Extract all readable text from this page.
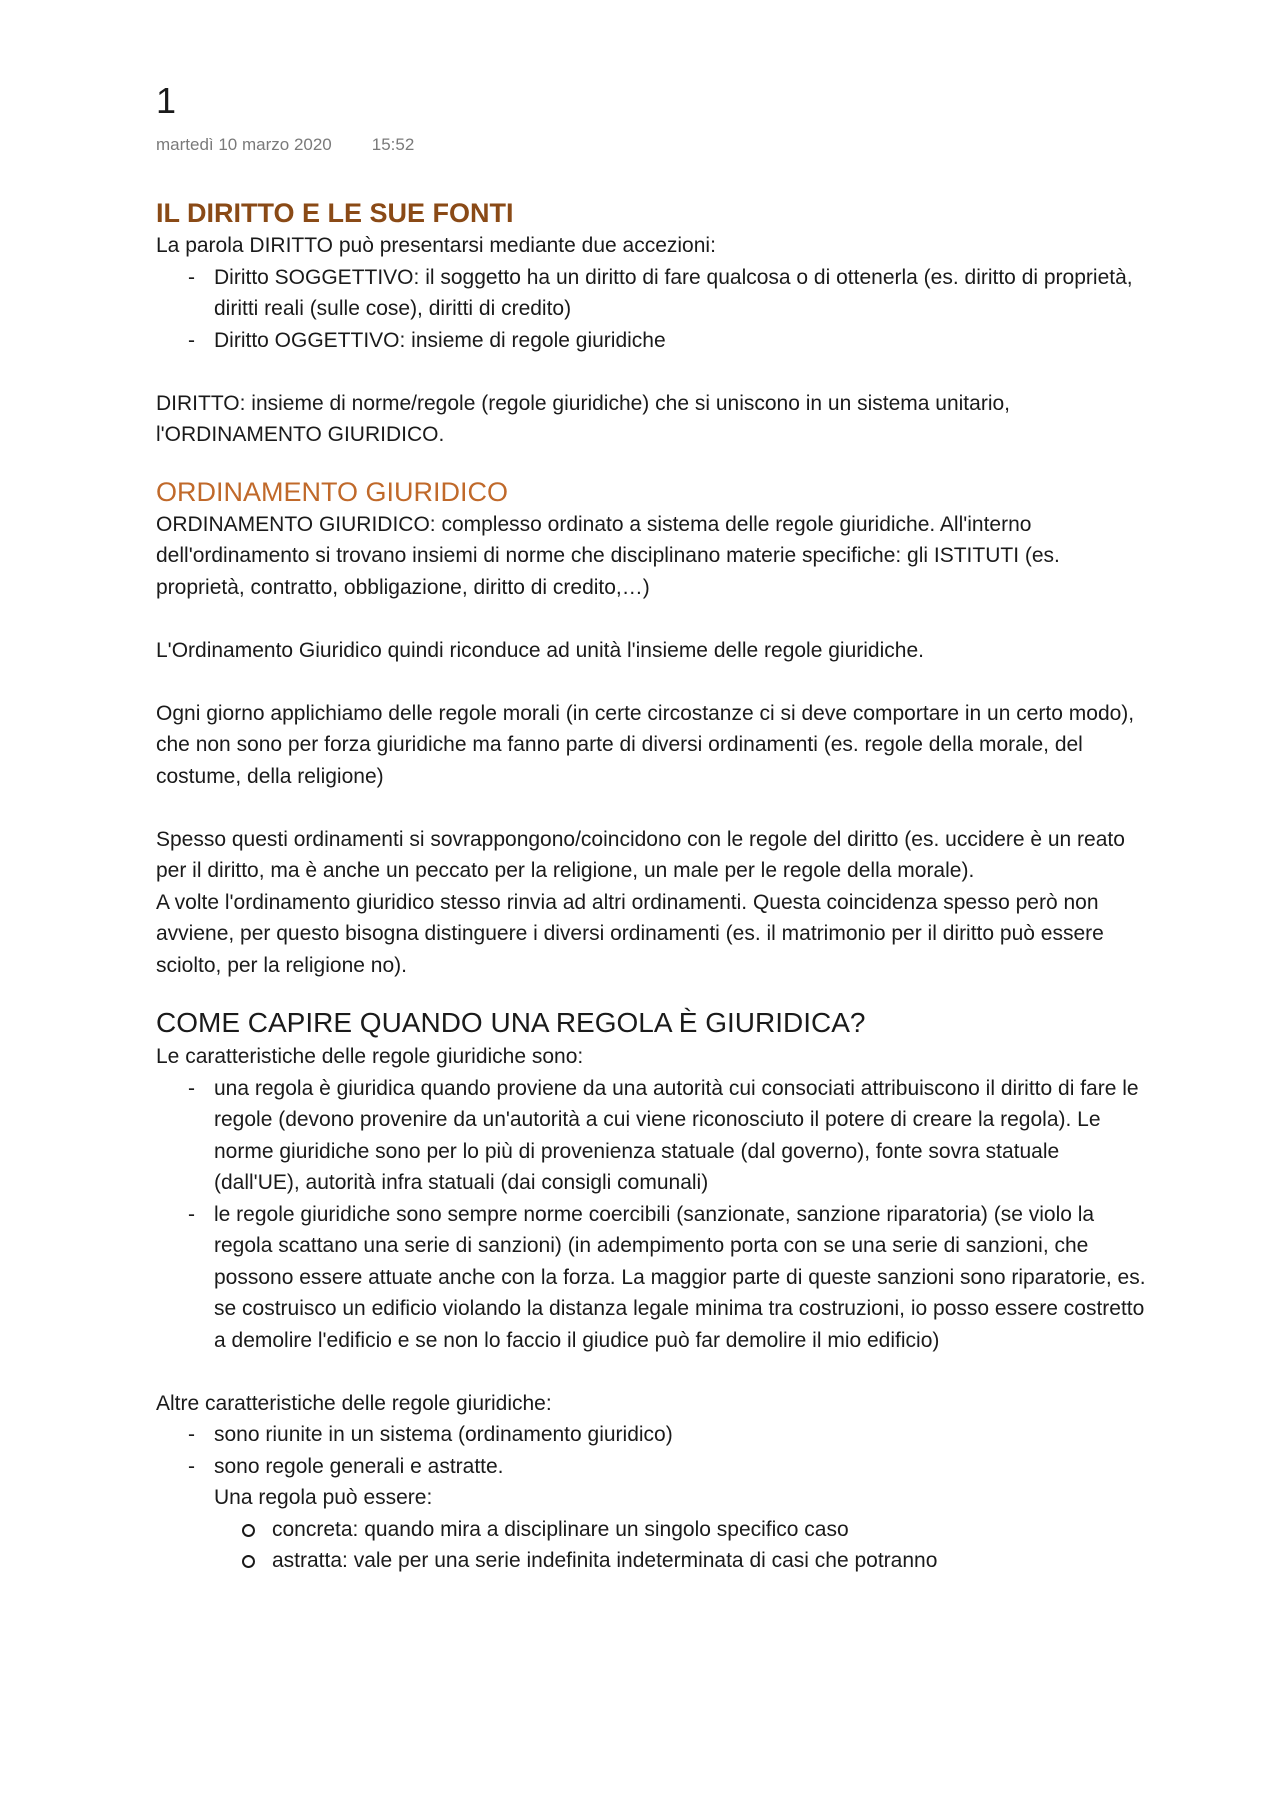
1
martedì 10 marzo 2020 15:52
IL DIRITTO E LE SUE FONTI

La parola DIRITTO può presentarsi mediante due accezioni:

- Diritto SOGGETTIVO: il soggetto ha un diritto di fare qualcosa o di ottenerla (es. diritto di proprietà, diritti reali (sulle cose), diritti di credito)
- Diritto OGGETTIVO: insieme di regole giuridiche

DIRITTO: insieme di norme/regole (regole giuridiche) che si uniscono in un sistema unitario, l'ORDINAMENTO GIURIDICO.

ORDINAMENTO GIURIDICO

ORDINAMENTO GIURIDICO: complesso ordinato a sistema delle regole giuridiche. All'interno dell'ordinamento si trovano insiemi di norme che disciplinano materie specifiche: gli ISTITUTI (es. proprietà, contratto, obbligazione, diritto di credito,…)

L'Ordinamento Giuridico quindi riconduce ad unità l'insieme delle regole giuridiche.

Ogni giorno applichiamo delle regole morali (in certe circostanze ci si deve comportare in un certo modo), che non sono per forza giuridiche ma fanno parte di diversi ordinamenti (es. regole della morale, del costume, della religione)

Spesso questi ordinamenti si sovrappongono/coincidono con le regole del diritto (es. uccidere è un reato per il diritto, ma è anche un peccato per la religione, un male per le regole della morale).

A volte l'ordinamento giuridico stesso rinvia ad altri ordinamenti. Questa coincidenza spesso però non avviene, per questo bisogna distinguere i diversi ordinamenti (es. il matrimonio per il diritto può essere sciolto, per la religione no).

COME CAPIRE QUANDO UNA REGOLA È GIURIDICA?

Le caratteristiche delle regole giuridiche sono:

- una regola è giuridica quando proviene da una autorità cui consociati attribuiscono il diritto di fare le regole (devono provenire da un'autorità a cui viene riconosciuto il potere di creare la regola). Le norme giuridiche sono per lo più di provenienza statuale (dal governo), fonte sovra statuale (dall'UE), autorità infra statuali (dai consigli comunali)
- le regole giuridiche sono sempre norme coercibili (sanzionate, sanzione riparatoria) (se violo la regola scattano una serie di sanzioni) (in adempimento porta con se una serie di sanzioni, che possono essere attuate anche con la forza. La maggior parte di queste sanzioni sono riparatorie, es. se costruisco un edificio violando la distanza legale minima tra costruzioni, io posso essere costretto a demolire l'edificio e se non lo faccio il giudice può far demolire il mio edificio)

Altre caratteristiche delle regole giuridiche:

- sono riunite in un sistema (ordinamento giuridico)
- sono regole generali e astratte.
Una regola può essere:
concreta: quando mira a disciplinare un singolo specifico caso
astratta: vale per una serie indefinita indeterminata di casi che potranno
